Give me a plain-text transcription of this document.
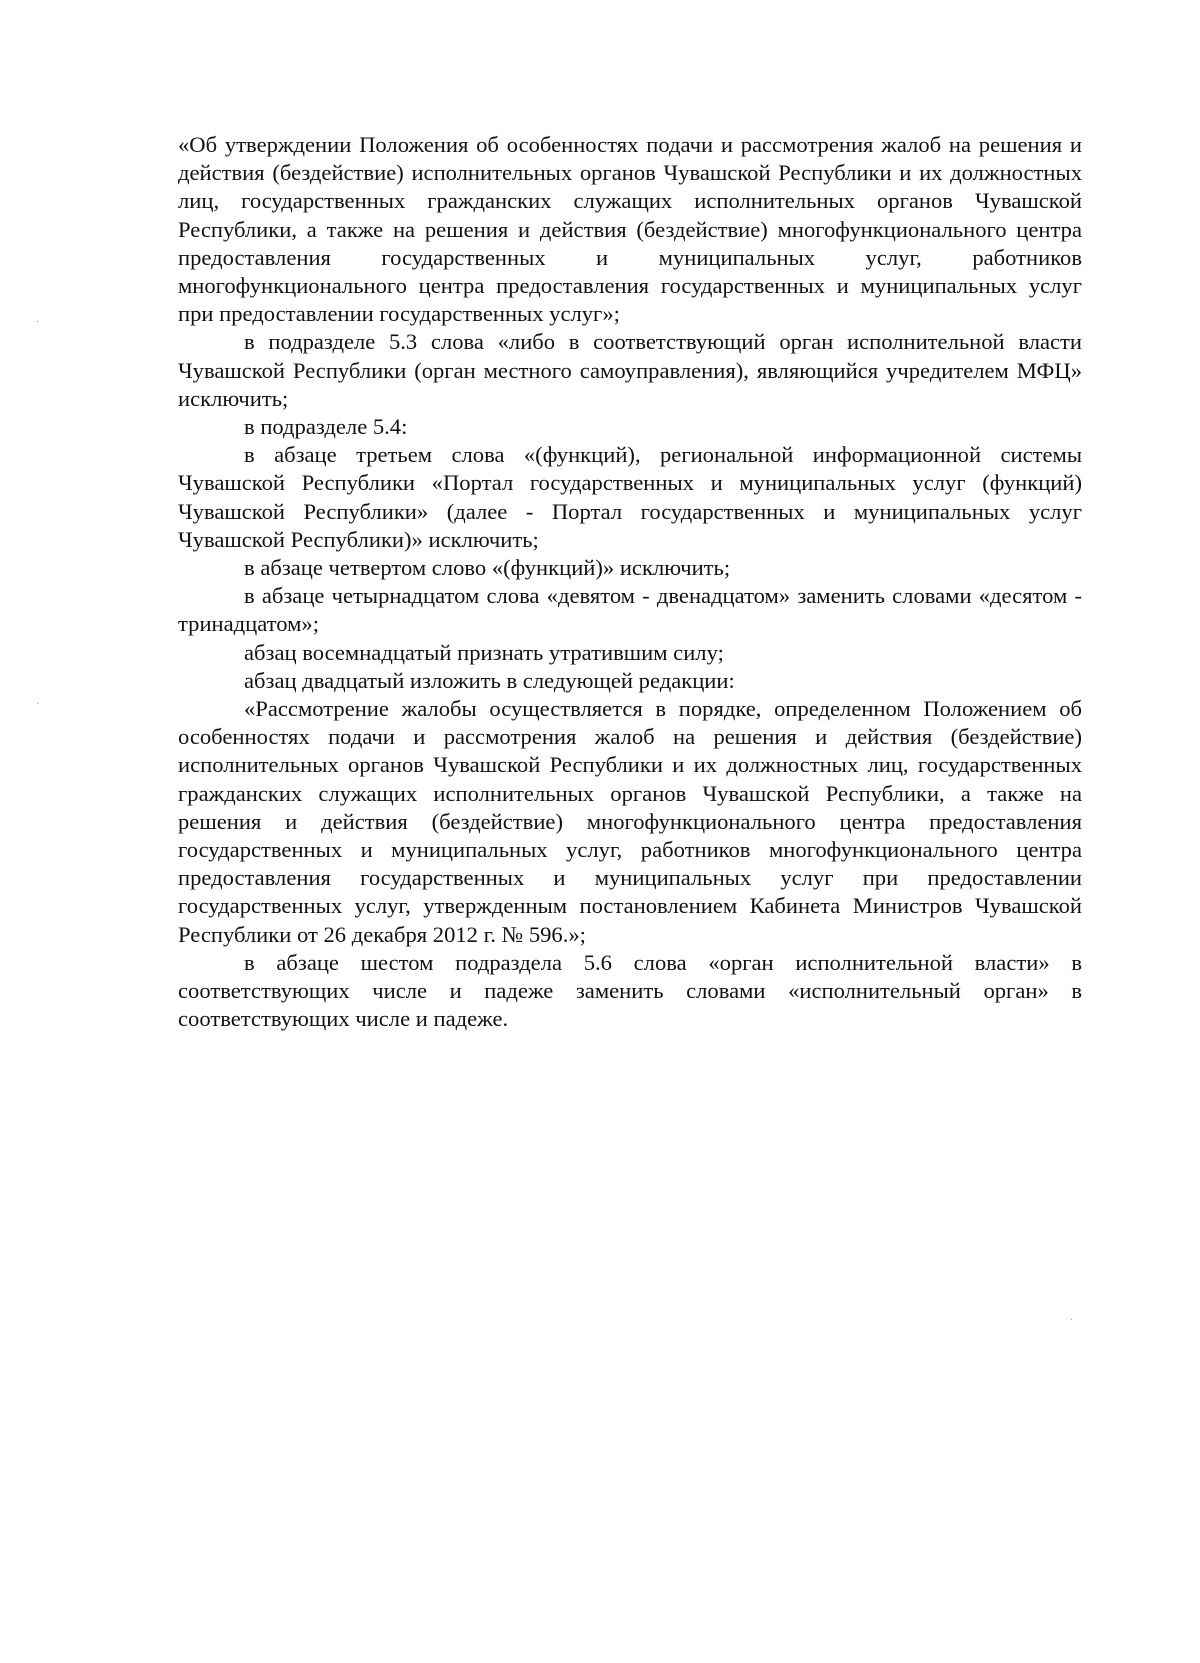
·
·
·

«Об утверждении Положения об особенностях подачи и рассмотрения жалоб на решения и действия (бездействие) исполнительных органов Чувашской Республики и их должностных лиц, государственных гражданских служащих исполнительных органов Чувашской Республики, а также на решения и действия (бездействие) многофункционального центра предоставления государственных и муниципальных услуг, работников многофункционального центра предоставления государственных и муниципальных услуг при предоставлении государственных услуг»;

в подразделе 5.3 слова «либо в соответствующий орган исполнительной власти Чувашской Республики (орган местного самоуправления), являющийся учредителем МФЦ» исключить;

в подразделе 5.4:

в абзаце третьем слова «(функций), региональной информационной системы Чувашской Республики «Портал государственных и муниципальных услуг (функций) Чувашской Республики» (далее - Портал государственных и муниципальных услуг Чувашской Республики)» исключить;

в абзаце четвертом слово «(функций)» исключить;

в абзаце четырнадцатом слова «девятом - двенадцатом» заменить словами «десятом - тринадцатом»;

абзац восемнадцатый признать утратившим силу;

абзац двадцатый изложить в следующей редакции:

«Рассмотрение жалобы осуществляется в порядке, определенном Положением об особенностях подачи и рассмотрения жалоб на решения и действия (бездействие) исполнительных органов Чувашской Республики и их должностных лиц, государственных гражданских служащих исполнительных органов Чувашской Республики, а также на решения и действия (бездействие) многофункционального центра предоставления государственных и муниципальных услуг, работников многофункционального центра предоставления государственных и муниципальных услуг при предоставлении государственных услуг, утвержденным постановлением Кабинета Министров Чувашской Республики от 26 декабря 2012 г. № 596.»;

в абзаце шестом подраздела 5.6 слова «орган исполнительной власти» в соответствующих числе и падеже заменить словами «исполнительный орган» в соответствующих числе и падеже.
